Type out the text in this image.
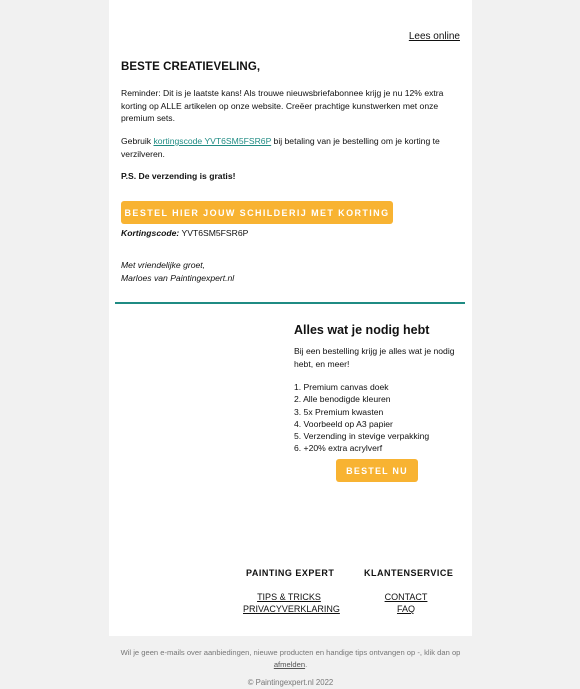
Lees online
BESTE CREATIEVELING,
Reminder: Dit is je laatste kans! Als trouwe nieuwsbriefabonnee krijg je nu 12% extra korting op ALLE artikelen op onze website. Creëer prachtige kunstwerken met onze premium sets.
Gebruik kortingscode YVT6SM5FSR6P bij betaling van je bestelling om je korting te verzilveren.
P.S. De verzending is gratis!
BESTEL HIER JOUW SCHILDERIJ MET KORTING
Kortingscode: YVT6SM5FSR6P
Met vriendelijke groet,
Marloes van Paintingexpert.nl
Alles wat je nodig hebt
Bij een bestelling krijg je alles wat je nodig hebt, en meer!
1. Premium canvas doek
2. Alle benodigde kleuren
3. 5x Premium kwasten
4. Voorbeeld op A3 papier
5. Verzending in stevige verpakking
6. +20% extra acrylverf
BESTEL NU
PAINTING EXPERT	KLANTENSERVICE
TIPS & TRICKS
PRIVACYVERKLARING
CONTACT
FAQ
Wil je geen e-mails over aanbiedingen, nieuwe producten en handige tips ontvangen op -, klik dan op afmelden.
© Paintingexpert.nl 2022
